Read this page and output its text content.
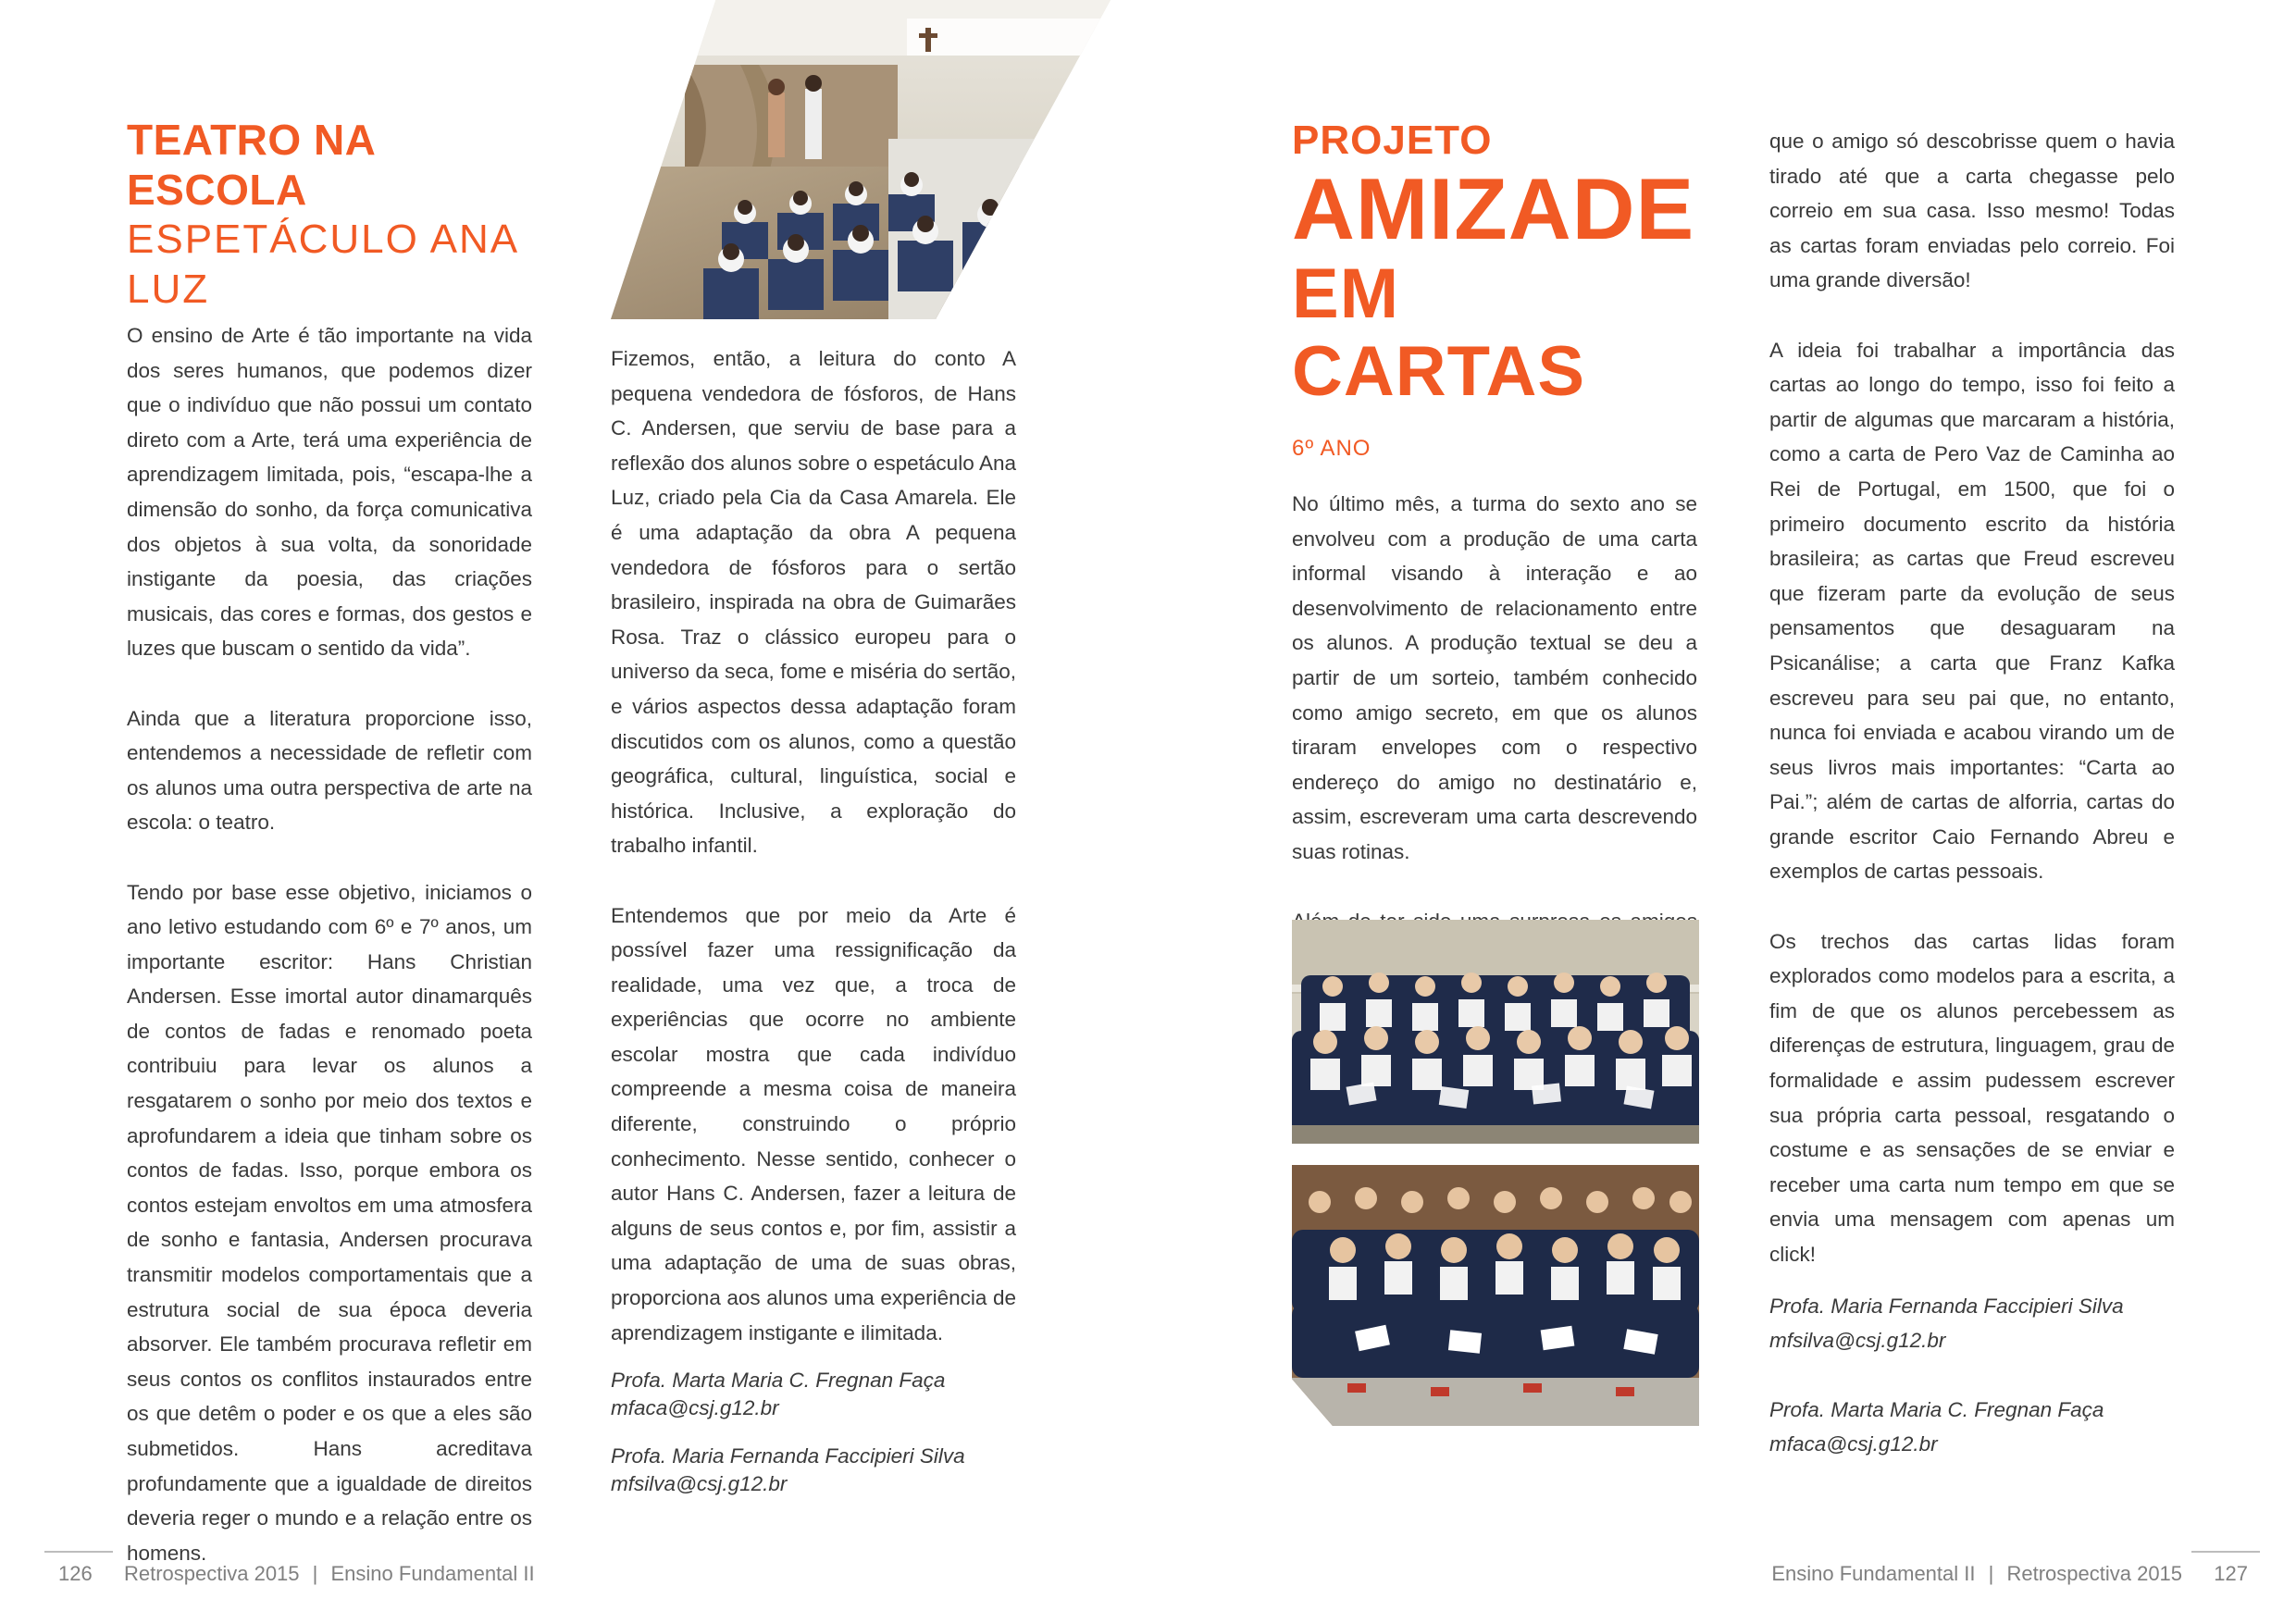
TEATRO NA ESCOLA
ESPETÁCULO ANA LUZ

O ensino de Arte é tão importante na vida dos seres humanos, que podemos dizer que o indivíduo que não possui um contato direto com a Arte, terá uma experiência de aprendizagem limitada, pois, “escapa-lhe a dimensão do sonho, da força comunicativa dos objetos à sua volta, da sonoridade instigante da poesia, das criações musicais, das cores e formas, dos gestos e luzes que buscam o sentido da vida”.

Ainda que a literatura proporcione isso, entendemos a necessidade de refletir com os alunos uma outra perspectiva de arte na escola: o teatro.

Tendo por base esse objetivo, iniciamos o ano letivo estudando com 6º e 7º anos, um importante escritor: Hans Christian Andersen. Esse imortal autor dinamarquês de contos de fadas e renomado poeta contribuiu para levar os alunos a resgatarem o sonho por meio dos textos e aprofundarem a ideia que tinham sobre os contos de fadas. Isso, porque embora os contos estejam envoltos em uma atmosfera de sonho e fantasia, Andersen procurava transmitir modelos comportamentais que a estrutura social de sua época deveria absorver. Ele também procurava refletir em seus contos os conflitos instaurados entre os que detêm o poder e os que a eles são submetidos. Hans acreditava profundamente que a igualdade de direitos deveria reger o mundo e a relação entre os homens.

Fizemos, então, a leitura do conto A pequena vendedora de fósforos, de Hans C. Andersen, que serviu de base para a reflexão dos alunos sobre o espetáculo Ana Luz, criado pela Cia da Casa Amarela. Ele é uma adaptação da obra A pequena vendedora de fósforos para o sertão brasileiro, inspirada na obra de Guimarães Rosa. Traz o clássico europeu para o universo da seca, fome e miséria do sertão, e vários aspectos dessa adaptação foram discutidos com os alunos, como a questão geográfica, cultural, linguística, social e histórica. Inclusive, a exploração do trabalho infantil.

Entendemos que por meio da Arte é possível fazer uma ressignificação da realidade, uma vez que, a troca de experiências que ocorre no ambiente escolar mostra que cada indivíduo compreende a mesma coisa de maneira diferente, construindo o próprio conhecimento. Nesse sentido, conhecer o autor Hans C. Andersen, fazer a leitura de alguns de seus contos e, por fim, assistir a uma adaptação de uma de suas obras, proporciona aos alunos uma experiência de aprendizagem instigante e ilimitada.

Profa. Marta Maria C. Fregnan Faça
mfaca@csj.g12.br
Profa. Maria Fernanda Faccipieri Silva
mfsilva@csj.g12.br
126 Retrospectiva 2015 | Ensino Fundamental II
PROJETO
AMIZADE
EM CARTAS
6º ANO

No último mês, a turma do sexto ano se envolveu com a produção de uma carta informal visando à interação e ao desenvolvimento de relacionamento entre os alunos. A produção textual se deu a partir de um sorteio, também conhecido como amigo secreto, em que os alunos tiraram envelopes com o respectivo endereço do amigo no destinatário e, assim, escreveram uma carta descrevendo suas rotinas.

que o amigo só descobrisse quem o havia tirado até que a carta chegasse pelo correio em sua casa. Isso mesmo! Todas as cartas foram enviadas pelo correio. Foi uma grande diversão!

A ideia foi trabalhar a importância das cartas ao longo do tempo, isso foi feito a partir de algumas que marcaram a história, como a carta de Pero Vaz de Caminha ao Rei de Portugal, em 1500, que foi o primeiro documento escrito da história brasileira; as cartas que Freud escreveu que fizeram parte da evolução de seus pensamentos que desaguaram na Psicanálise; a carta que Franz Kafka escreveu para seu pai que, no entanto, nunca foi enviada e acabou virando um de seus livros mais importantes: “Carta ao Pai.”; além de cartas de alforria, cartas do grande escritor Caio Fernando Abreu e exemplos de cartas pessoais.

Os trechos das cartas lidas foram explorados como modelos para a escrita, a fim de que os alunos percebessem as diferenças de estrutura, linguagem, grau de formalidade e assim pudessem escrever sua própria carta pessoal, resgatando o costume e as sensações de se enviar e receber uma carta num tempo em que se envia uma mensagem com apenas um click!

Profa. Maria Fernanda Faccipieri Silva
mfsilva@csj.g12.br
Profa. Marta Maria C. Fregnan Faça
mfaca@csj.g12.br
Ensino Fundamental II | Retrospectiva 2015 127
